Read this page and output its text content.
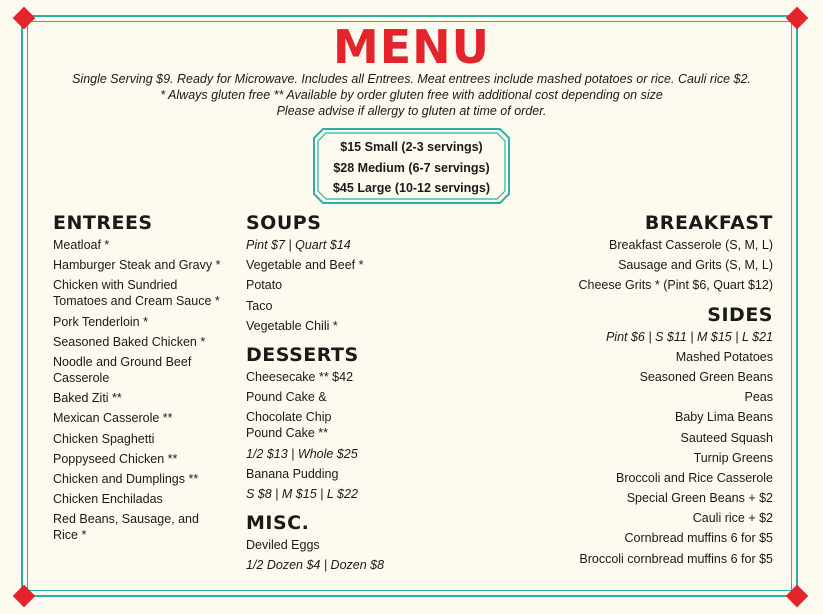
MENU
Single Serving $9. Ready for Microwave. Includes all Entrees. Meat entrees include mashed potatoes or rice. Cauli rice $2.
* Always gluten free ** Available by order gluten free with additional cost depending on size
Please advise if allergy to gluten at time of order.
$15 Small (2-3 servings)
$28 Medium (6-7 servings)
$45 Large (10-12 servings)
ENTREES
Meatloaf *
Hamburger Steak and Gravy *
Chicken with Sundried Tomatoes and Cream Sauce *
Pork Tenderloin *
Seasoned Baked Chicken *
Noodle and Ground Beef Casserole
Baked Ziti **
Mexican Casserole **
Chicken Spaghetti
Poppyseed Chicken **
Chicken and Dumplings **
Chicken Enchiladas
Red Beans, Sausage, and Rice *
SOUPS
Pint $7 | Quart $14
Vegetable and Beef *
Potato
Taco
Vegetable Chili *
DESSERTS
Cheesecake ** $42
Pound Cake &
Chocolate Chip Pound Cake **
1/2 $13 | Whole $25
Banana Pudding
S $8 | M $15 | L $22
MISC.
Deviled Eggs
1/2 Dozen $4 | Dozen $8
BREAKFAST
Breakfast Casserole (S, M, L)
Sausage and Grits (S, M, L)
Cheese Grits * (Pint $6, Quart $12)
SIDES
Pint $6 | S $11 | M $15 | L $21
Mashed Potatoes
Seasoned Green Beans
Peas
Baby Lima Beans
Sauteed Squash
Turnip Greens
Broccoli and Rice Casserole
Special Green Beans + $2
Cauli rice + $2
Cornbread muffins 6 for $5
Broccoli cornbread muffins 6 for $5
